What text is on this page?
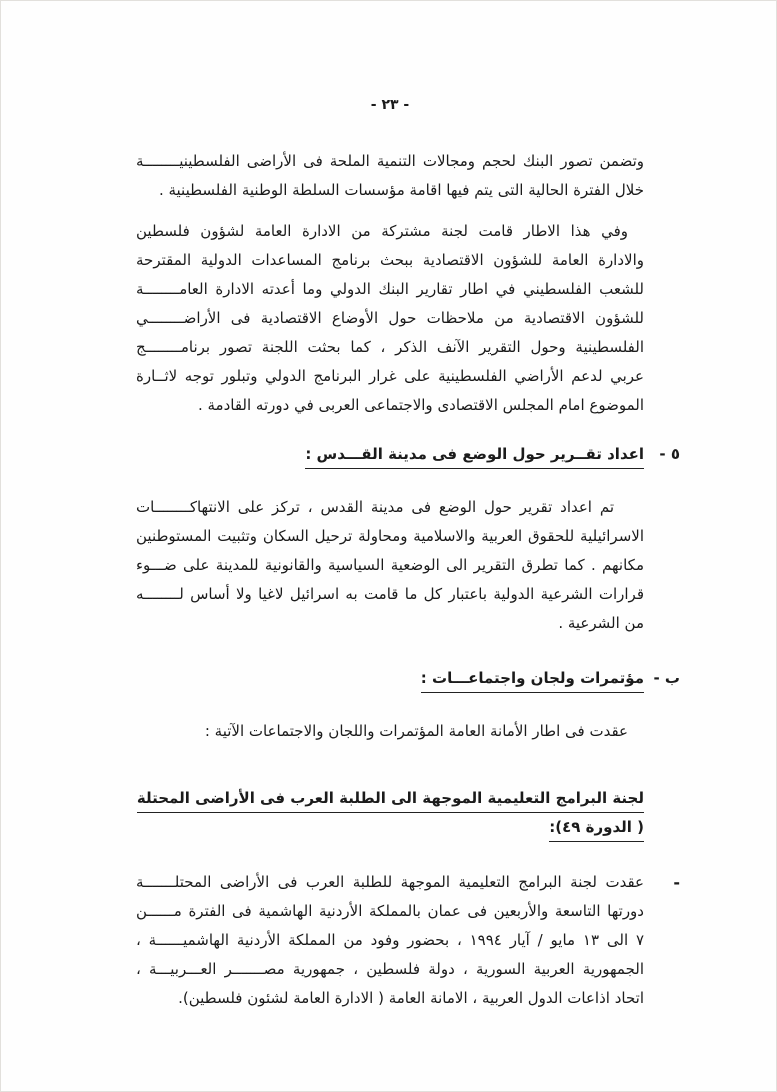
- ٢٣ -
وتضمن تصور البنك لحجم ومجالات التنمية الملحة فى الأراضى الفلسطينيــــــــة
خلال الفترة الحالية التى يتم فيها اقامة مؤسسات السلطة الوطنية الفلسطينية .
وفي هذا الاطار قامت لجنة مشتركة من الادارة العامة لشؤون فلسطين
والادارة العامة للشؤون الاقتصادية ببحث برنامج المساعدات الدولية المقترحة
للشعب الفلسطيني في اطار تقارير البنك الدولي وما أعدته الادارة العامــــــــة
للشؤون الاقتصادية من ملاحظات حول الأوضاع الاقتصادية فى الأراضــــــــي
الفلسطينية وحول التقرير الآنف الذكر ، كما بحثت اللجنة تصور برنامــــــــج
عربي لدعم الأراضي الفلسطينية على غرار البرنامج الدولي وتبلور توجه لاثــارة
الموضوع امام المجلس الاقتصادى والاجتماعى العربى في دورته القادمة .
٥ -اعداد تقــرير حول الوضع فى مدينة القـــدس :
تم اعداد تقرير حول الوضع فى مدينة القدس ، تركز على الانتهاكــــــــات
الاسرائيلية للحقوق العربية والاسلامية ومحاولة ترحيل السكان وتثبيت المستوطنين
مكانهم . كما تطرق التقرير الى الوضعية السياسية والقانونية للمدينة على ضـــوء
قرارات الشرعية الدولية باعتبار كل ما قامت به اسرائيل لاغيا ولا أساس لــــــــه
من الشرعية .
ب -مؤتمرات ولجان واجتماعـــات :
عقدت فى اطار الأمانة العامة المؤتمرات واللجان والاجتماعات الآتية :
لجنة البرامج التعليمية الموجهة الى الطلبة العرب فى الأراضى المحتلة ( الدورة ٤٩):
-
عقدت لجنة البرامج التعليمية الموجهة للطلبة العرب فى الأراضى المحتلـــــــة
دورتها التاسعة والأربعين فى عمان بالمملكة الأردنية الهاشمية فى الفترة مــــــن
٧ الى ١٣ مايو / آيار ١٩٩٤ ، بحضور وفود من المملكة الأردنية الهاشميــــــة ،
الجمهورية العربية السورية ، دولة فلسطين ، جمهورية مصـــــــر العـــربيـــة ،
اتحاد اذاعات الدول العربية ، الامانة العامة ( الادارة العامة لشئون فلسطين).
